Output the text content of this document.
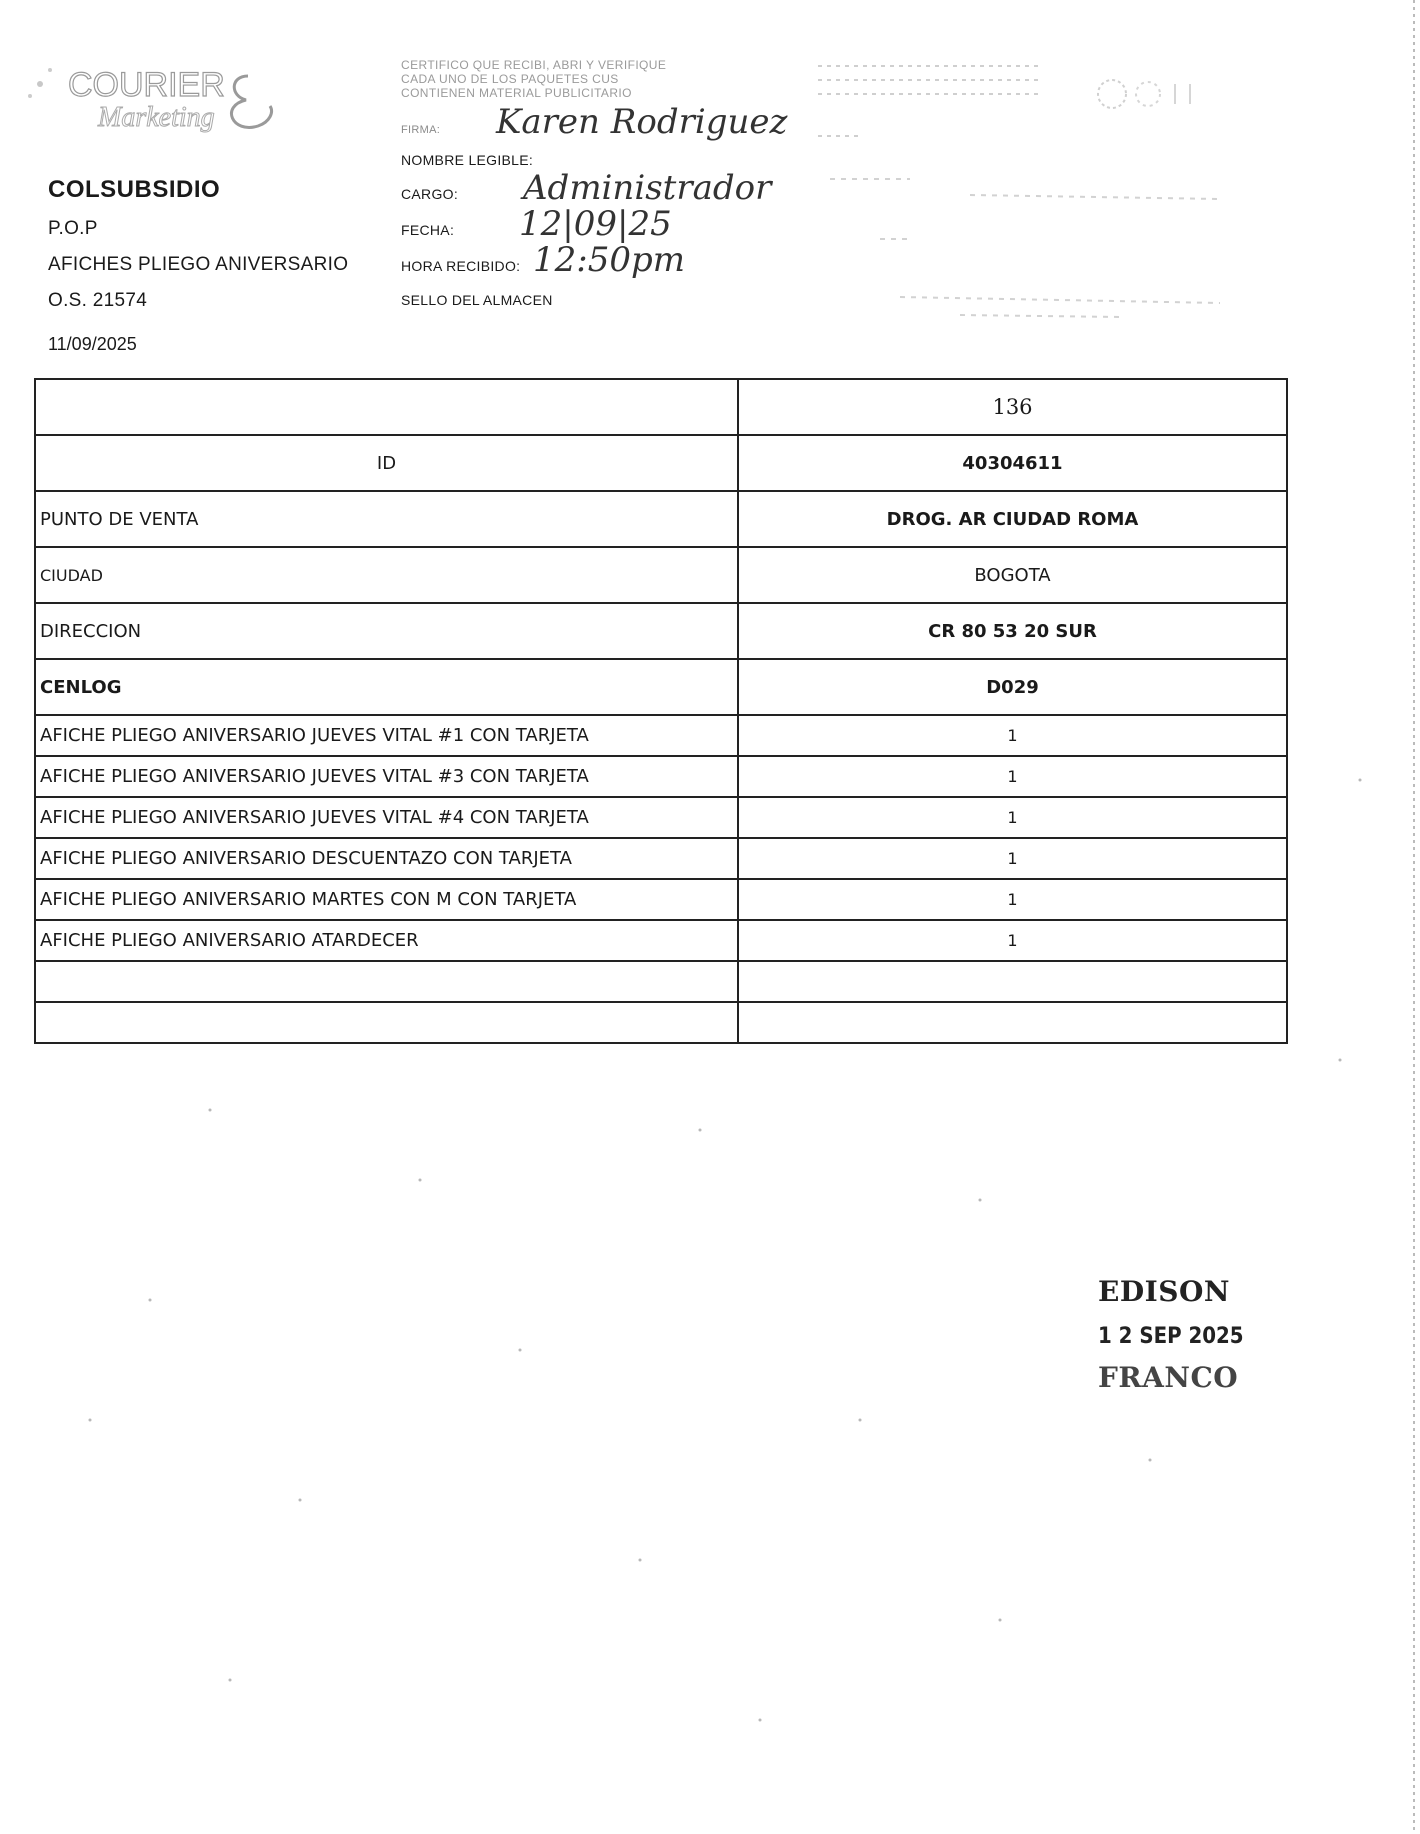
COURIER
Marketing
COLSUBSIDIO
P.O.P
AFICHES PLIEGO ANIVERSARIO
O.S. 21574
11/09/2025
CERTIFICO QUE RECIBI, ABRI Y VERIFIQUE
CADA UNO DE LOS PAQUETES CUS
CONTIENEN MATERIAL PUBLICITARIO
FIRMA: Karen Rodriguez
NOMBRE LEGIBLE:
CARGO: Administrador
FECHA: 12|09|25
HORA RECIBIDO: 12:50pm
SELLO DEL ALMACEN
	136
ID	40304611
PUNTO DE VENTA	DROG. AR CIUDAD ROMA
CIUDAD	BOGOTA
DIRECCION	CR 80 53 20 SUR
CENLOG	D029
AFICHE PLIEGO ANIVERSARIO JUEVES VITAL #1 CON TARJETA	1
AFICHE PLIEGO ANIVERSARIO JUEVES VITAL #3 CON TARJETA	1
AFICHE PLIEGO ANIVERSARIO JUEVES VITAL #4 CON TARJETA	1
AFICHE PLIEGO ANIVERSARIO DESCUENTAZO CON TARJETA	1
AFICHE PLIEGO ANIVERSARIO MARTES CON M CON TARJETA	1
AFICHE PLIEGO ANIVERSARIO ATARDECER	1

EDISON
1 2 SEP 2025
FRANCO
